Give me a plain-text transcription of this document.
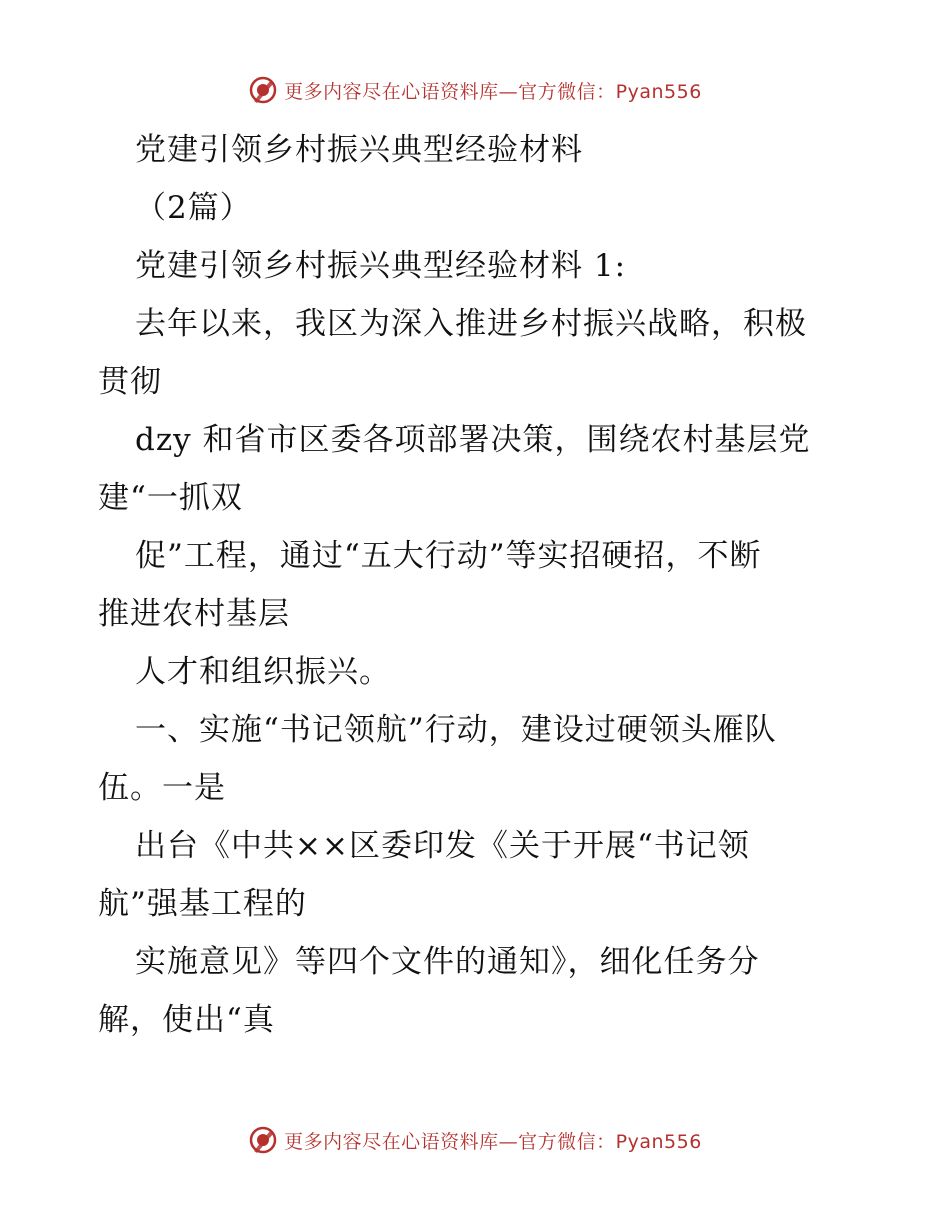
更多内容尽在心语资料库—官方微信：Pyan556
党建引领乡村振兴典型经验材料
（2篇）
党建引领乡村振兴典型经验材料 1:
去年以来，我区为深入推进乡村振兴战略，积极
贯彻
dzy 和省市区委各项部署决策，围绕农村基层党
建“一抓双
促”工程，通过“五大行动”等实招硬招，不断
推进农村基层
人才和组织振兴。
一、实施“书记领航”行动，建设过硬领头雁队
伍。一是
出台《中共××区委印发《关于开展“书记领
航”强基工程的
实施意见》等四个文件的通知》，细化任务分
解，使出“真
更多内容尽在心语资料库—官方微信：Pyan556
